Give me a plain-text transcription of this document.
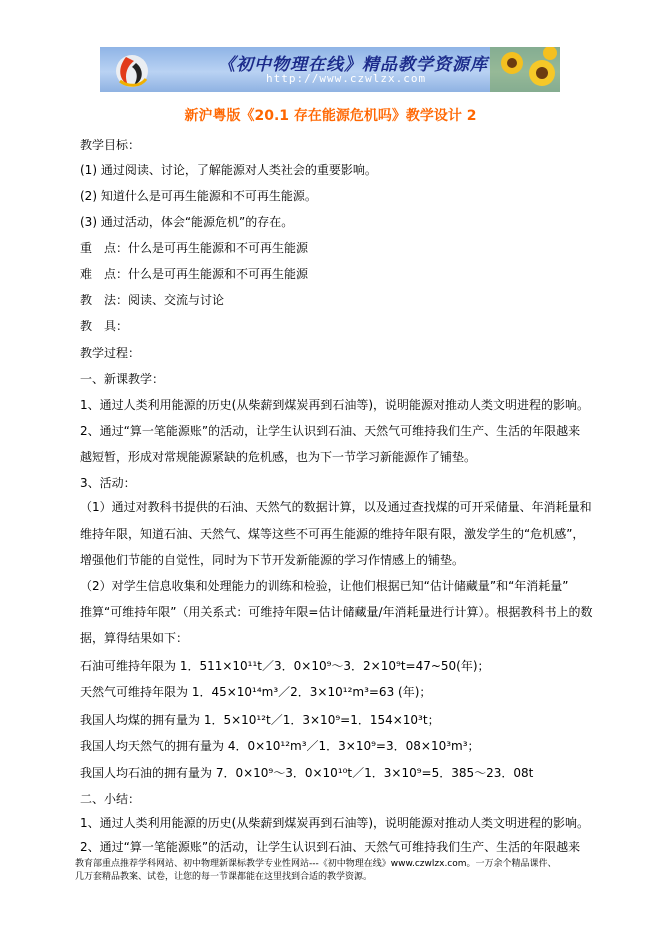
《初中物理在线》精品教学资源库
http://www.czwlzx.com
新沪粤版《20.1 存在能源危机吗》教学设计 2
教学目标：
(1) 通过阅读、讨论，了解能源对人类社会的重要影响。
(2) 知道什么是可再生能源和不可再生能源。
(3) 通过活动，体会“能源危机”的存在。
重　点：什么是可再生能源和不可再生能源
难　点：什么是可再生能源和不可再生能源
教　法：阅读、交流与讨论
教　具：
教学过程：
一、新课教学：
1、通过人类利用能源的历史(从柴薪到煤炭再到石油等)，说明能源对推动人类文明进程的影响。
2、通过“算一笔能源账”的活动，让学生认识到石油、天然气可维持我们生产、生活的年限越来
越短暂，形成对常规能源紧缺的危机感，也为下一节学习新能源作了铺垫。
3、活动：
（1）通过对教科书提供的石油、天然气的数据计算，以及通过查找煤的可开采储量、年消耗量和
维持年限，知道石油、天然气、煤等这些不可再生能源的维持年限有限，激发学生的“危机感”，
增强他们节能的自觉性，同时为下节开发新能源的学习作情感上的铺垫。
（2）对学生信息收集和处理能力的训练和检验，让他们根据已知“估计储藏量”和“年消耗量”
推算“可维持年限”（用关系式：可维持年限=估计储藏量/年消耗量进行计算）。根据教科书上的数
据，算得结果如下：
石油可维持年限为 1．511×10¹¹t／3．0×10⁹～3．2×10⁹t=47~50(年)；
天然气可维持年限为 1．45×10¹⁴m³／2．3×10¹²m³=63 (年)；
我国人均煤的拥有量为 1．5×10¹²t／1．3×10⁹=1．154×10³t；
我国人均天然气的拥有量为 4．0×10¹²m³／1．3×10⁹=3．08×10³m³；
我国人均石油的拥有量为 7．0×10⁹～3．0×10¹⁰t／1．3×10⁹=5．385～23．08t
二、小结：
1、通过人类利用能源的历史(从柴薪到煤炭再到石油等)，说明能源对推动人类文明进程的影响。
2、通过“算一笔能源账”的活动，让学生认识到石油、天然气可维持我们生产、生活的年限越来
教育部重点推荐学科网站、初中物理新课标教学专业性网站---《初中物理在线》www.czwlzx.com。一万余个精品课件、
几万套精品教案、试卷，让您的每一节课都能在这里找到合适的教学资源。
